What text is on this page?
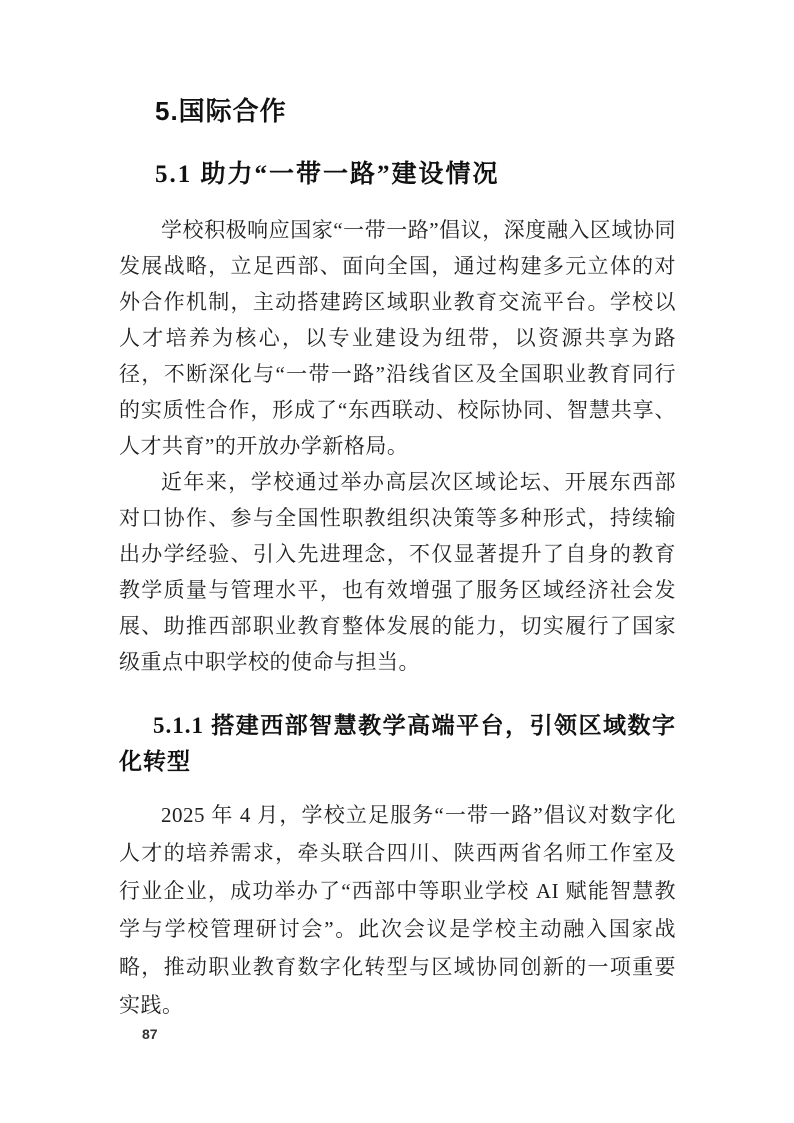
5.国际合作
5.1 助力“一带一路”建设情况

学校积极响应国家“一带一路”倡议，深度融入区域协同发展战略，立足西部、面向全国，通过构建多元立体的对外合作机制，主动搭建跨区域职业教育交流平台。学校以人才培养为核心，以专业建设为纽带，以资源共享为路径，不断深化与“一带一路”沿线省区及全国职业教育同行的实质性合作，形成了“东西联动、校际协同、智慧共享、人才共育”的开放办学新格局。

近年来，学校通过举办高层次区域论坛、开展东西部对口协作、参与全国性职教组织决策等多种形式，持续输出办学经验、引入先进理念，不仅显著提升了自身的教育教学质量与管理水平，也有效增强了服务区域经济社会发展、助推西部职业教育整体发展的能力，切实履行了国家级重点中职学校的使命与担当。

5.1.1 搭建西部智慧教学高端平台，引领区域数字化转型

2025 年 4 月，学校立足服务“一带一路”倡议对数字化人才的培养需求，牵头联合四川、陕西两省名师工作室及行业企业，成功举办了“西部中等职业学校 AI 赋能智慧教学与学校管理研讨会”。此次会议是学校主动融入国家战略，推动职业教育数字化转型与区域协同创新的一项重要实践。

87
